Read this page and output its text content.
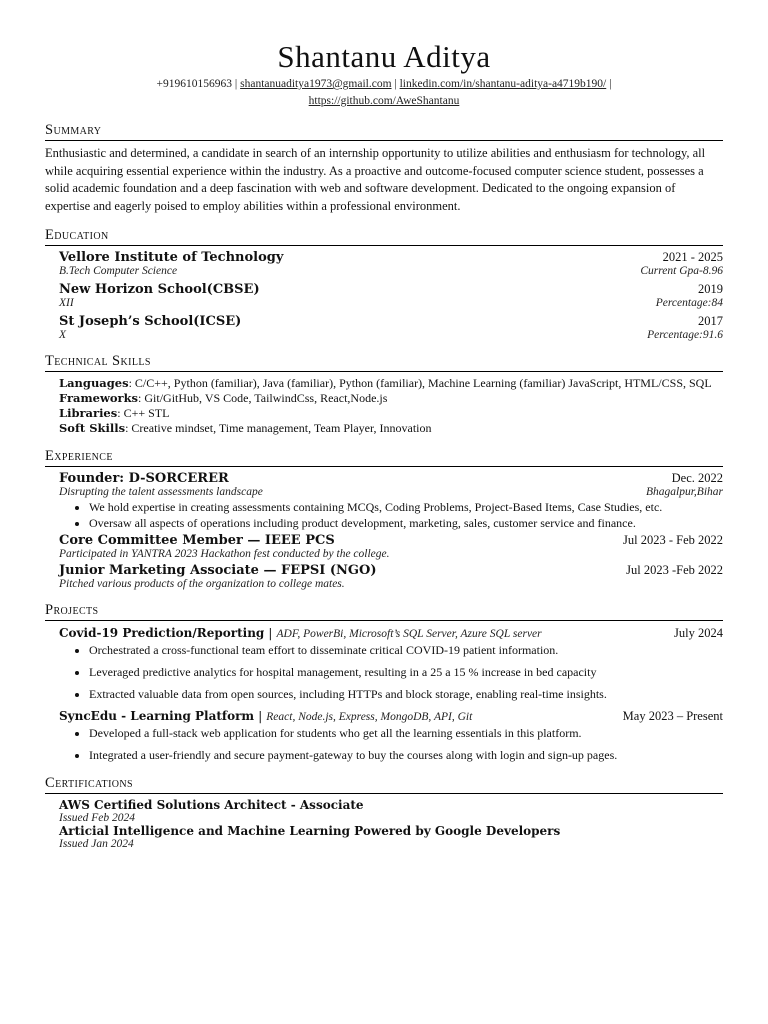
Shantanu Aditya
+919610156963 | shantanuaditya1973@gmail.com | linkedin.com/in/shantanu-aditya-a4719b190/ |
https://github.com/AweShantanu
Summary
Enthusiastic and determined, a candidate in search of an internship opportunity to utilize abilities and enthusiasm for technology, all while acquiring essential experience within the industry. As a proactive and outcome-focused computer science student, possesses a solid academic foundation and a deep fascination with web and software development. Dedicated to the ongoing expansion of expertise and eagerly poised to employ abilities within a professional environment.
Education
Vellore Institute of Technology	2021 - 2025
B.Tech Computer Science	Current Gpa-8.96
New Horizon School(CBSE)	2019
XII	Percentage:84
St Joseph’s School(ICSE)	2017
X	Percentage:91.6
Technical Skills
Languages: C/C++, Python (familiar), Java (familiar), Python (familiar), Machine Learning (familiar) JavaScript, HTML/CSS, SQL
Frameworks: Git/GitHub, VS Code, TailwindCss, React,Node.js
Libraries: C++ STL
Soft Skills: Creative mindset, Time management, Team Player, Innovation
Experience
Founder: D-SORCERER	Dec. 2022
Disrupting the talent assessments landscape	Bhagalpur,Bihar
• We hold expertise in creating assessments containing MCQs, Coding Problems, Project-Based Items, Case Studies, etc.
• Oversaw all aspects of operations including product development, marketing, sales, customer service and finance.
Core Committee Member — IEEE PCS	Jul 2023 - Feb 2022
Participated in YANTRA 2023 Hackathon fest conducted by the college.
Junior Marketing Associate — FEPSI (NGO)	Jul 2023 -Feb 2022
Pitched various products of the organization to college mates.
Projects
Covid-19 Prediction/Reporting | ADF, PowerBi, Microsoft’s SQL Server, Azure SQL server	July 2024
• Orchestrated a cross-functional team effort to disseminate critical COVID-19 patient information.
• Leveraged predictive analytics for hospital management, resulting in a 25 a 15 % increase in bed capacity
• Extracted valuable data from open sources, including HTTPs and block storage, enabling real-time insights.
SyncEdu - Learning Platform | React, Node.js, Express, MongoDB, API, Git	May 2023 – Present
• Developed a full-stack web application for students who get all the learning essentials in this platform.
• Integrated a user-friendly and secure payment-gateway to buy the courses along with login and sign-up pages.
Certifications
AWS Certified Solutions Architect - Associate
Issued Feb 2024
Articial Intelligence and Machine Learning Powered by Google Developers
Issued Jan 2024
